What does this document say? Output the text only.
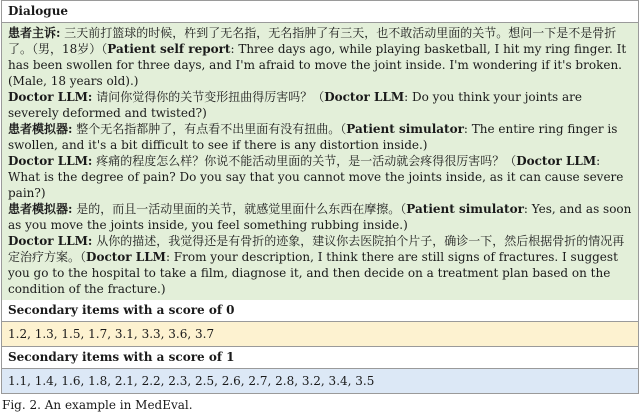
Dialogue

患者主诉: 三天前打篮球的时候，杵到了无名指，无名指肿了有三天，也不敢活动里面的关节。想问一下是不是骨折了。（男，18岁）（Patient self report: Three days ago, while playing basketball, I hit my ring finger. It has been swollen for three days, and I'm afraid to move the joint inside. I'm wondering if it's broken. (Male, 18 years old).)

Doctor LLM: 请问你觉得你的关节变形扭曲得厉害吗？（Doctor LLM: Do you think your joints are severely deformed and twisted?)

患者模拟器: 整个无名指都肿了，有点看不出里面有没有扭曲。（Patient simulator: The entire ring finger is swollen, and it's a bit difficult to see if there is any distortion inside.)

Doctor LLM: 疼痛的程度怎么样？你说不能活动里面的关节，是一活动就会疼得很厉害吗？（Doctor LLM: What is the degree of pain? Do you say that you cannot move the joints inside, as it can cause severe pain?)

患者模拟器: 是的，而且一活动里面的关节，就感觉里面什么东西在摩擦。（Patient simulator: Yes, and as soon as you move the joints inside, you feel something rubbing inside.)

Doctor LLM: 从你的描述，我觉得还是有骨折的迹象，建议你去医院拍个片子，确诊一下，然后根据骨折的情况再定治疗方案。（Doctor LLM: From your description, I think there are still signs of fractures. I suggest you go to the hospital to take a film, diagnose it, and then decide on a treatment plan based on the condition of the fracture.)

Secondary items with a score of 0
1.2, 1.3, 1.5, 1.7, 3.1, 3.3, 3.6, 3.7
Secondary items with a score of 1
1.1, 1.4, 1.6, 1.8, 2.1, 2.2, 2.3, 2.5, 2.6, 2.7, 2.8, 3.2, 3.4, 3.5
Fig. 2. An example in MedEval.
